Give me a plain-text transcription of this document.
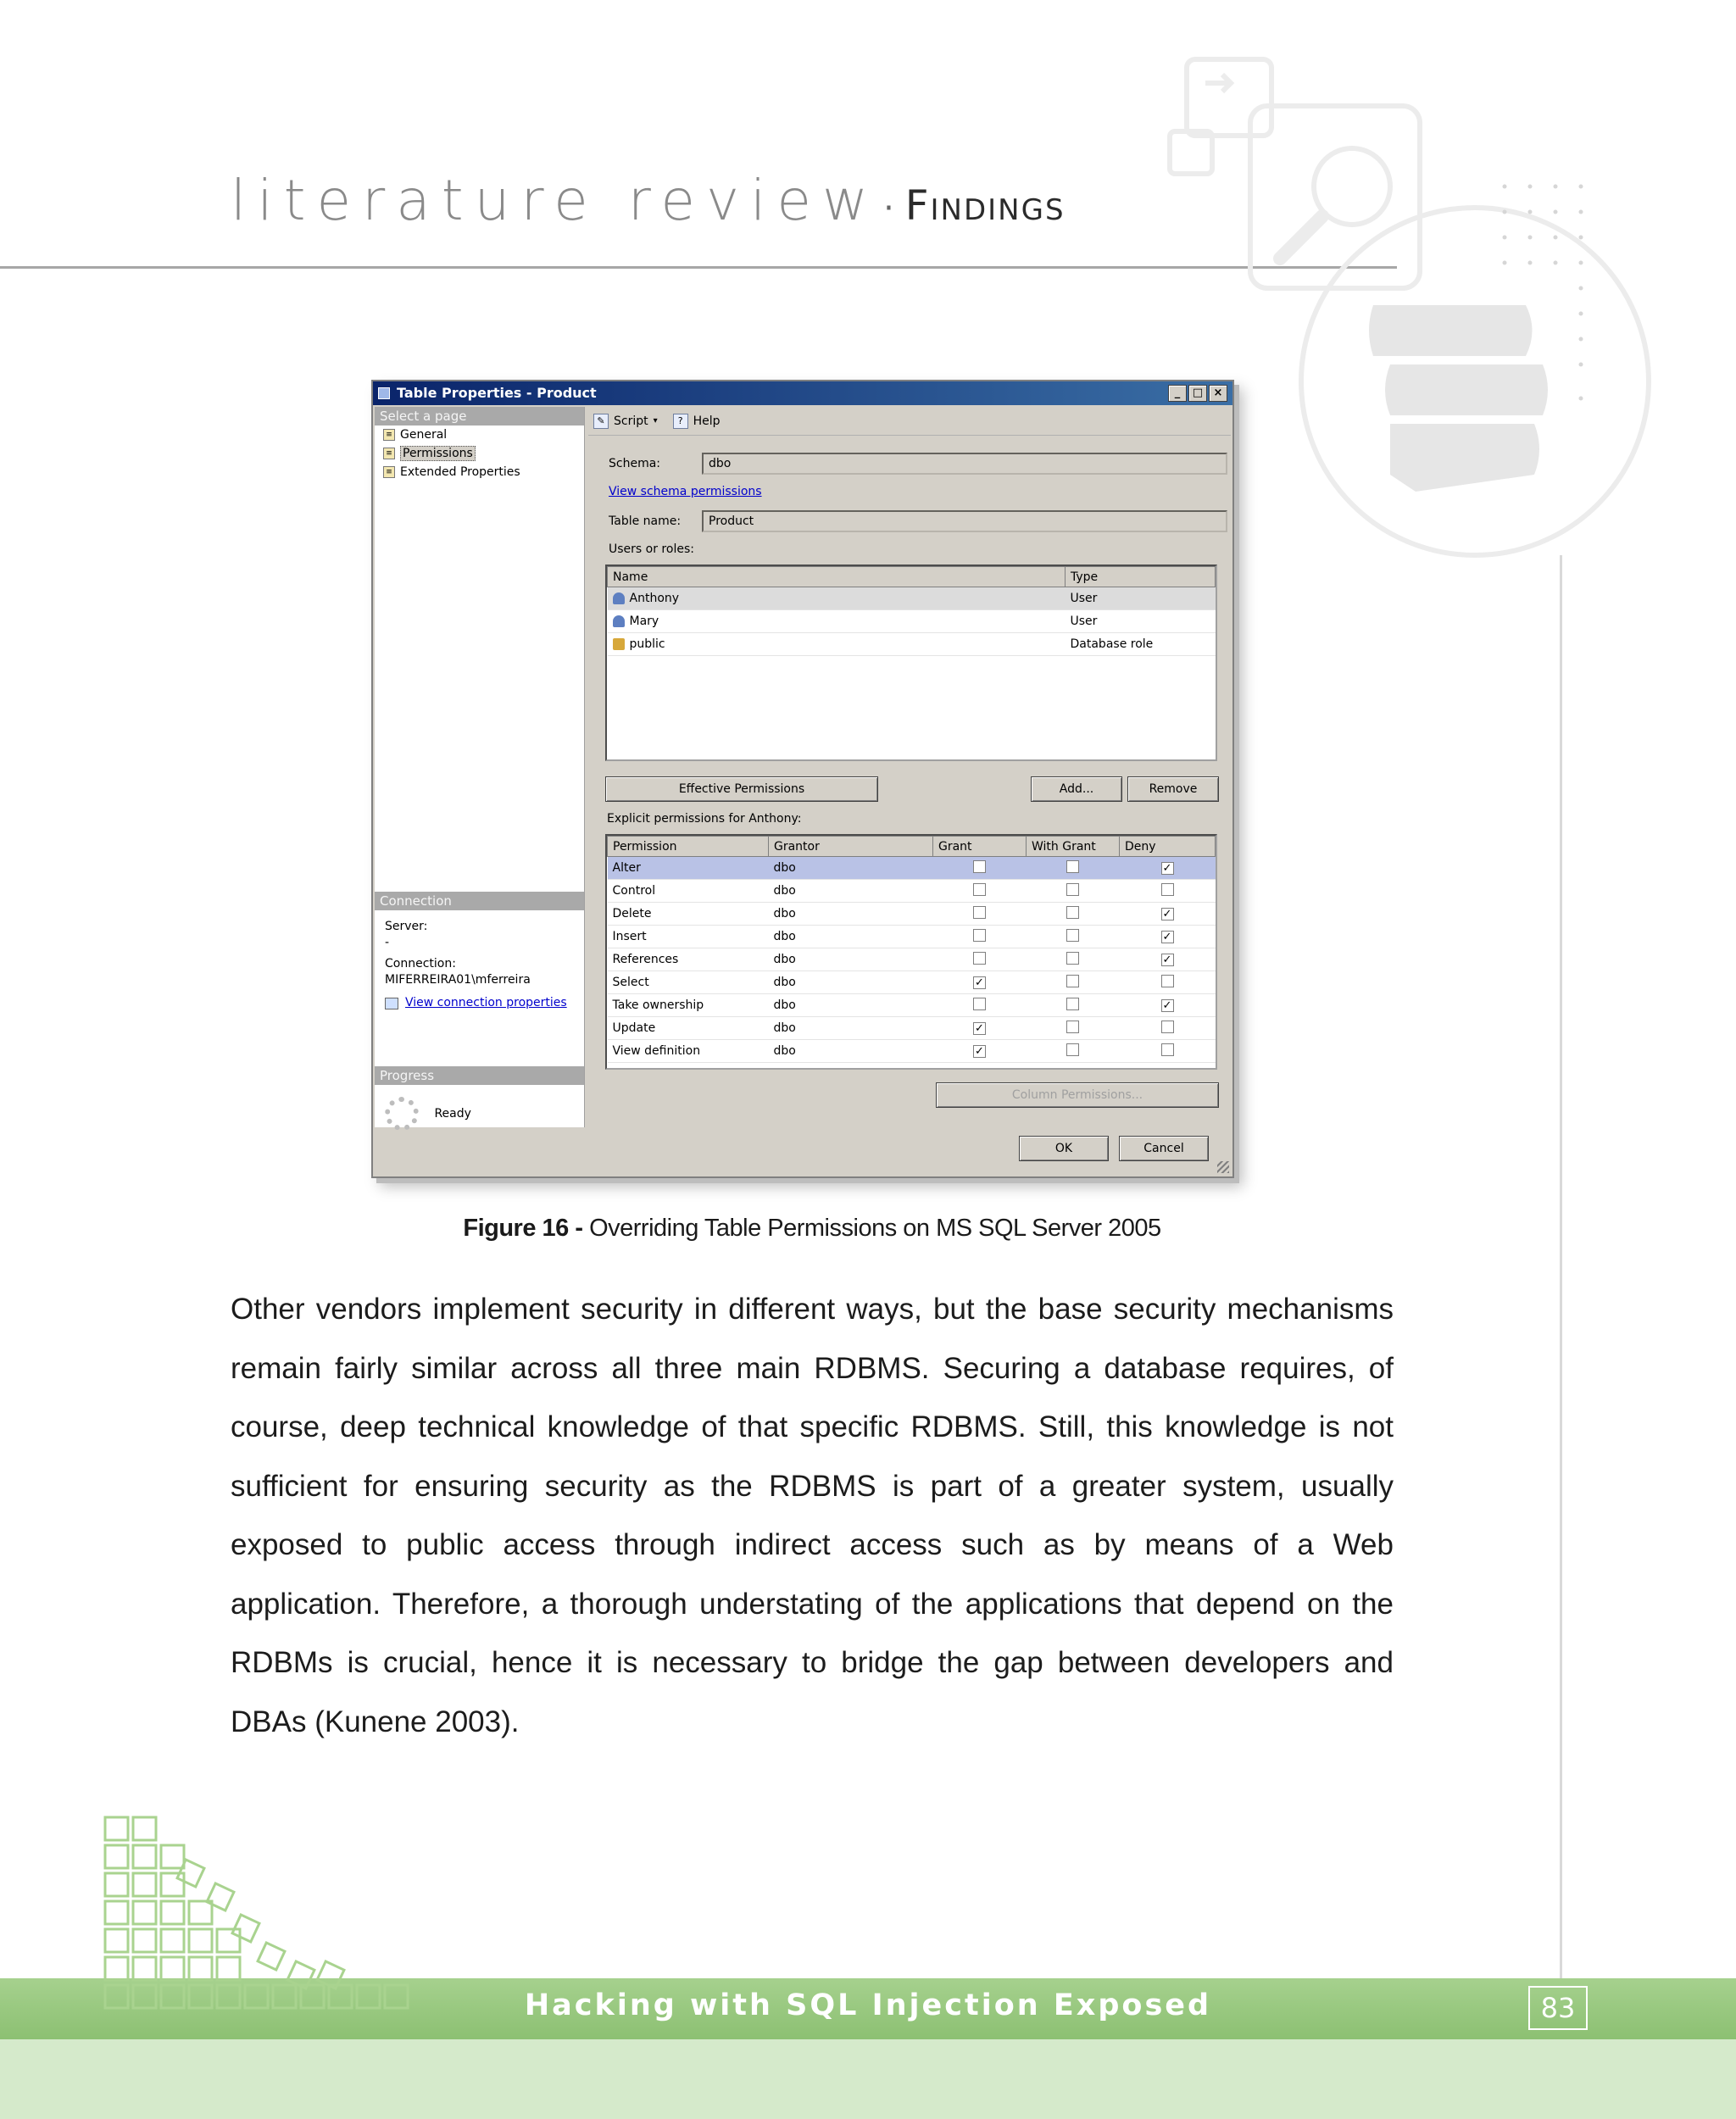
literature review · Findings
Table Properties - Product	_	□ ×
Select a page
≡ General
≡ Permissions
≡ Extended Properties
Connection
Server:
-
Connection:
MIFERREIRA01\mferreira
View connection properties
Progress
Ready
✎ Script ▾	? Help
Schema:	dbo
View schema permissions
Table name:	Product
Users or roles:
Name	Type
Anthony	User
Mary	User
public	Database role
Effective Permissions	Add...	Remove
Explicit permissions for Anthony:
Permission	Grantor	Grant	With Grant	Deny
Alter	dbo			✓
Control	dbo			
Delete	dbo			✓
Insert	dbo			✓
References	dbo			✓
Select	dbo	✓		
Take ownership	dbo			✓
Update	dbo	✓		
View definition	dbo	✓		
Column Permissions...
OK	Cancel
Figure 16 - Overriding Table Permissions on MS SQL Server 2005

Other vendors implement security in different ways, but the base security mechanisms remain fairly similar across all three main RDBMS. Securing a database requires, of course, deep technical knowledge of that specific RDBMS. Still, this knowledge is not sufficient for ensuring security as the RDBMS is part of a greater system, usually exposed to public access through indirect access such as by means of a Web application. Therefore, a thorough understating of the applications that depend on the RDBMs is crucial, hence it is necessary to bridge the gap between developers and DBAs (Kunene 2003).

Hacking with SQL Injection Exposed	83
